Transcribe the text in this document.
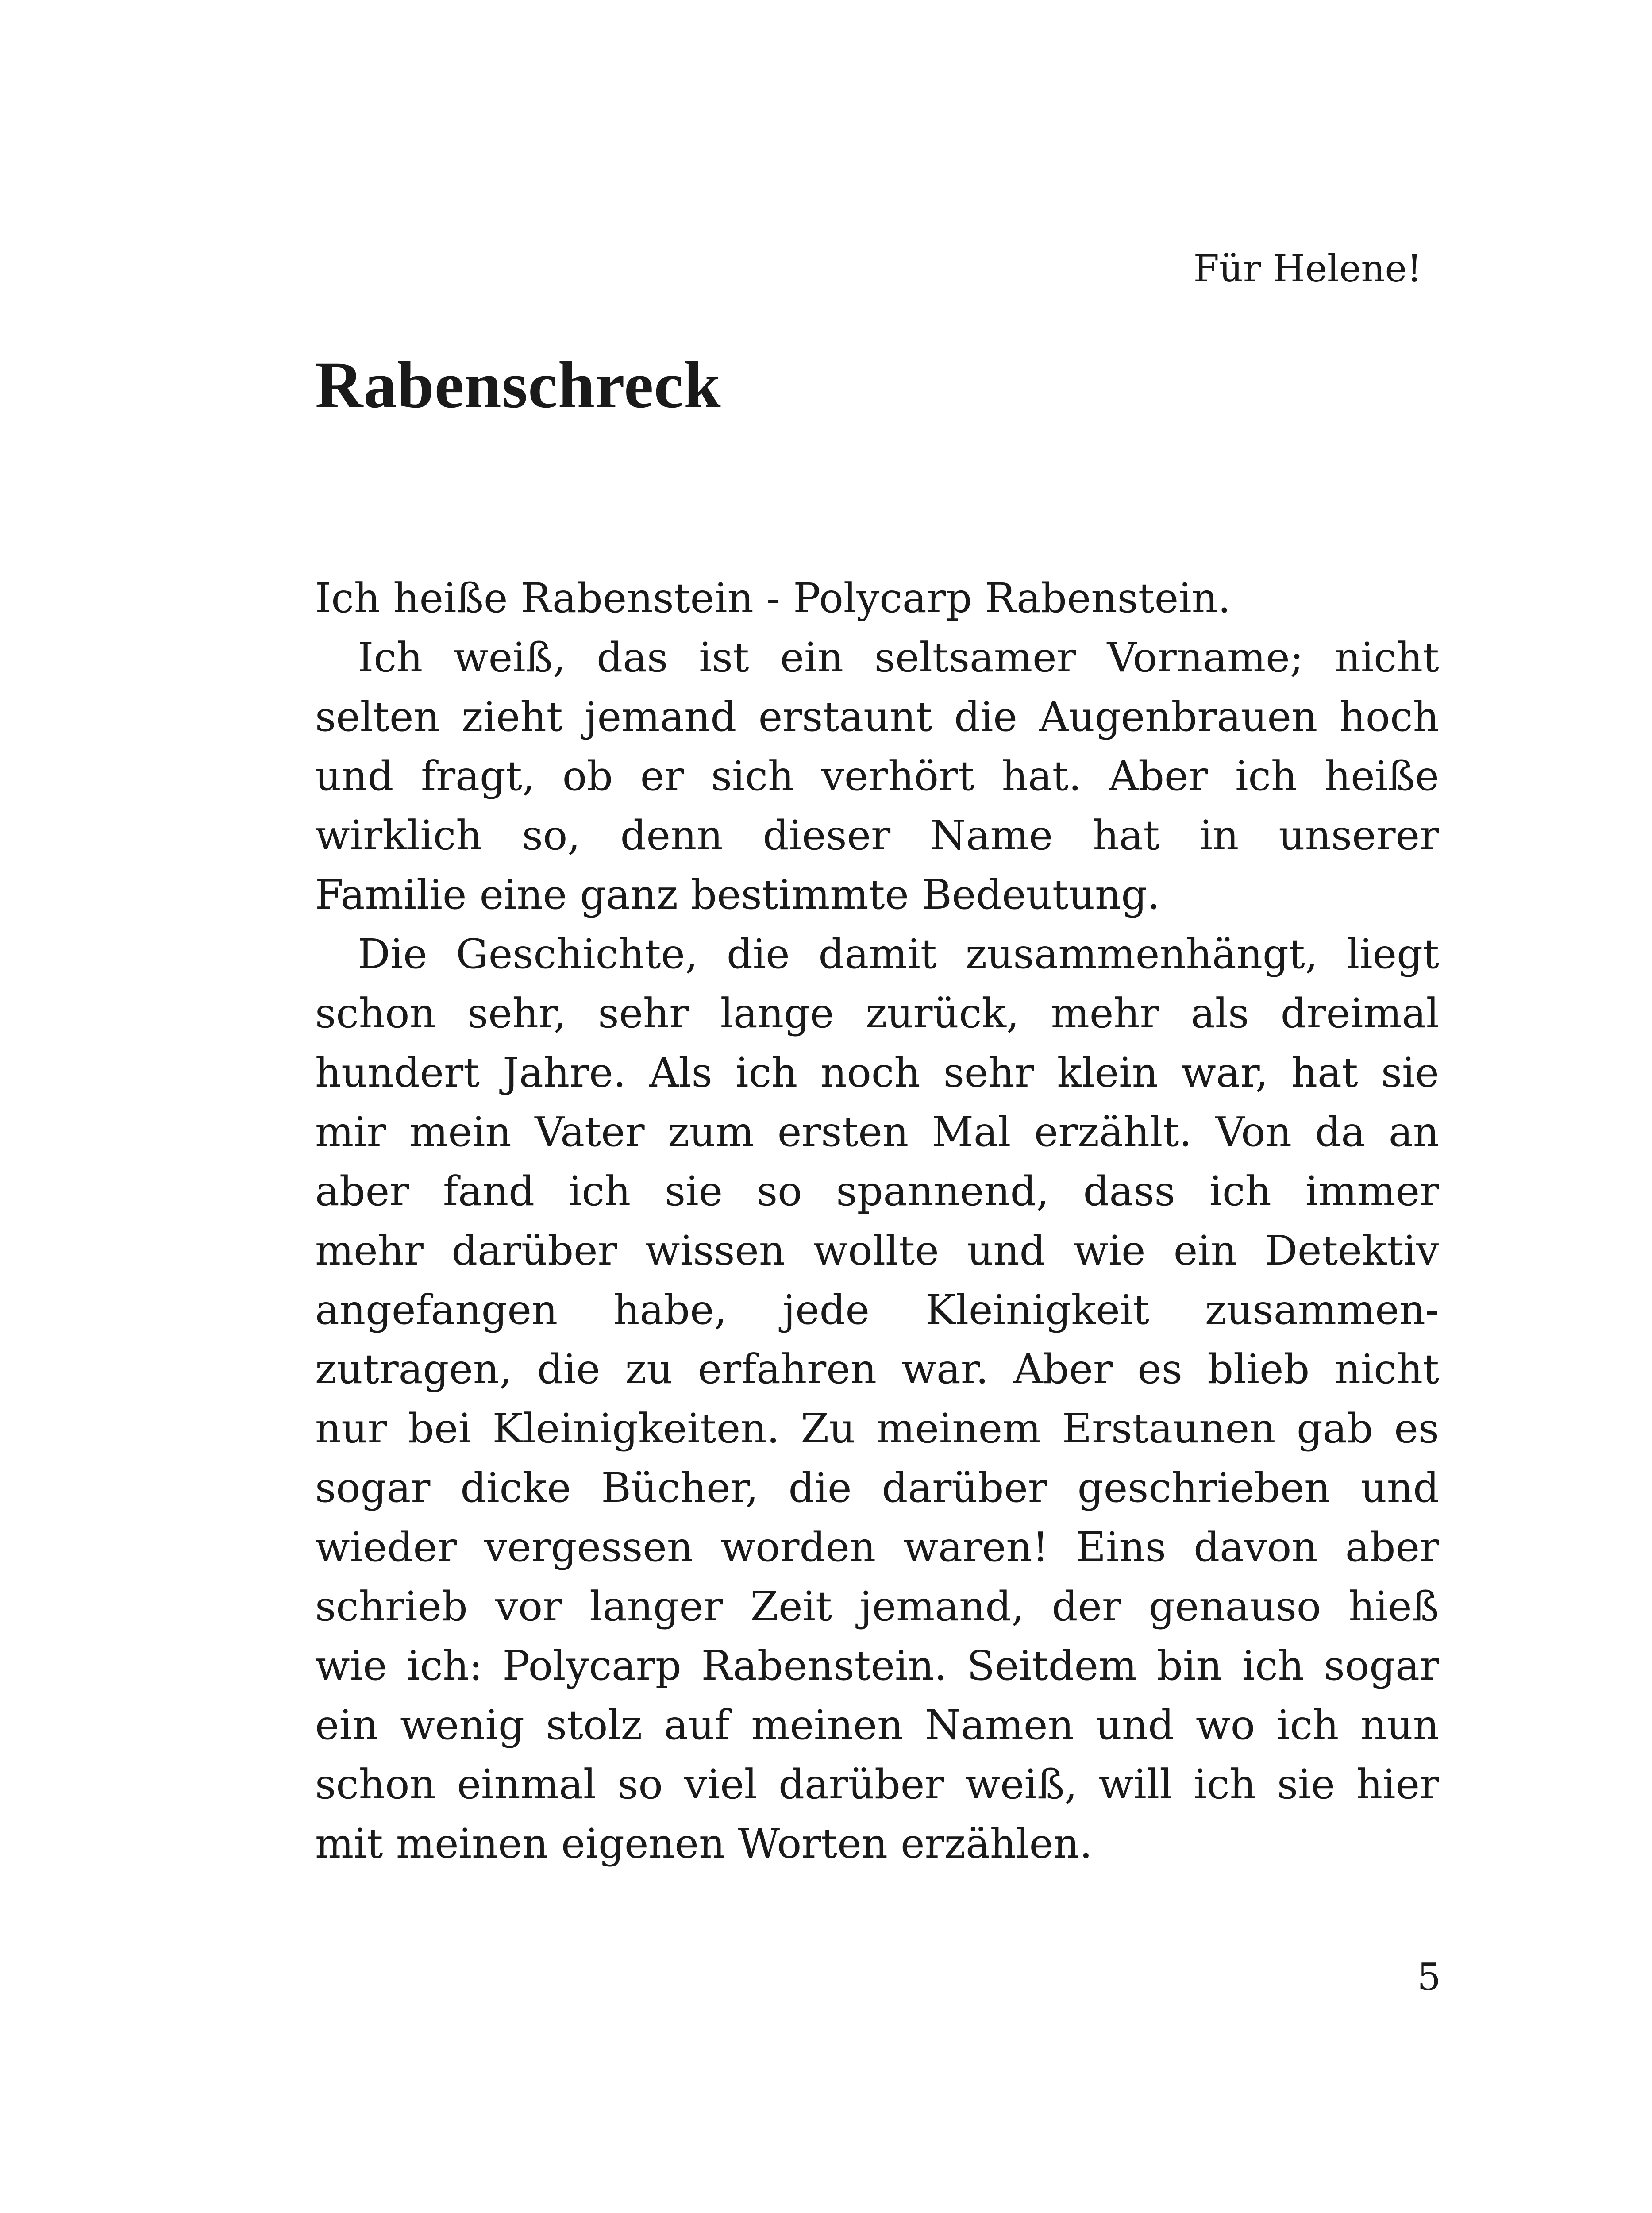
Für Helene!
Rabenschreck
Ich heiße Rabenstein - Polycarp Rabenstein.
Ich weiß, das ist ein seltsamer Vorname; nicht
selten zieht jemand erstaunt die Augenbrauen hoch
und fragt, ob er sich verhört hat. Aber ich heiße
wirklich so, denn dieser Name hat in unserer
Familie eine ganz bestimmte Bedeutung.
Die Geschichte, die damit zusammenhängt, liegt
schon sehr, sehr lange zurück, mehr als dreimal
hundert Jahre. Als ich noch sehr klein war, hat sie
mir mein Vater zum ersten Mal erzählt. Von da an
aber fand ich sie so spannend, dass ich immer
mehr darüber wissen wollte und wie ein Detektiv
angefangen habe, jede Kleinigkeit zusammen-
zutragen, die zu erfahren war. Aber es blieb nicht
nur bei Kleinigkeiten. Zu meinem Erstaunen gab es
sogar dicke Bücher, die darüber geschrieben und
wieder vergessen worden waren! Eins davon aber
schrieb vor langer Zeit jemand, der genauso hieß
wie ich: Polycarp Rabenstein. Seitdem bin ich sogar
ein wenig stolz auf meinen Namen und wo ich nun
schon einmal so viel darüber weiß, will ich sie hier
mit meinen eigenen Worten erzählen.
5
